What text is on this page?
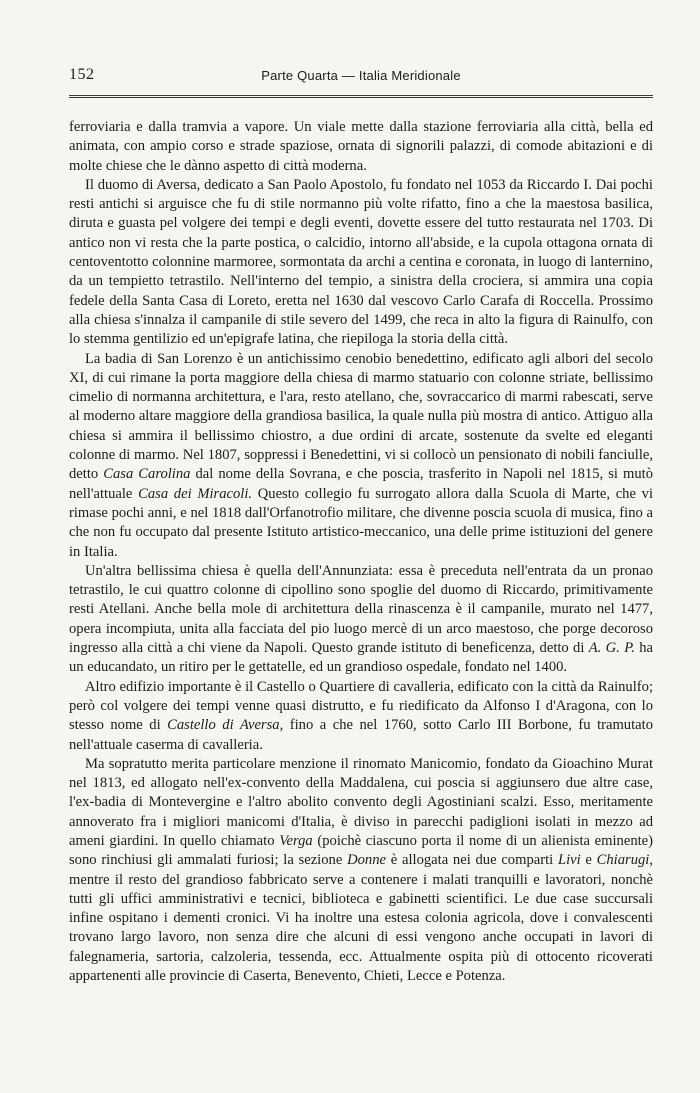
152	Parte Quarta — Italia Meridionale

ferroviaria e dalla tramvia a vapore. Un viale mette dalla stazione ferroviaria alla città, bella ed animata, con ampio corso e strade spaziose, ornata di signorili palazzi, di comode abitazioni e di molte chiese che le dànno aspetto di città moderna.

Il duomo di Aversa, dedicato a San Paolo Apostolo, fu fondato nel 1053 da Riccardo I. Dai pochi resti antichi si arguisce che fu di stile normanno più volte rifatto, fino a che la maestosa basilica, diruta e guasta pel volgere dei tempi e degli eventi, dovette essere del tutto restaurata nel 1703. Di antico non vi resta che la parte postica, o calcidio, intorno all'abside, e la cupola ottagona ornata di centoventotto colonnine marmoree, sormontata da archi a centina e coronata, in luogo di lanternino, da un tempietto tetrastilo. Nell'interno del tempio, a sinistra della crociera, si ammira una copia fedele della Santa Casa di Loreto, eretta nel 1630 dal vescovo Carlo Carafa di Roccella. Prossimo alla chiesa s'innalza il campanile di stile severo del 1499, che reca in alto la figura di Rainulfo, con lo stemma gentilizio ed un'epigrafe latina, che riepiloga la storia della città.

La badia di San Lorenzo è un antichissimo cenobio benedettino, edificato agli albori del secolo XI, di cui rimane la porta maggiore della chiesa di marmo statuario con colonne striate, bellissimo cimelio di normanna architettura, e l'ara, resto atellano, che, sovraccarico di marmi rabescati, serve al moderno altare maggiore della grandiosa basilica, la quale nulla più mostra di antico. Attiguo alla chiesa si ammira il bellissimo chiostro, a due ordini di arcate, sostenute da svelte ed eleganti colonne di marmo. Nel 1807, soppressi i Benedettini, vi si collocò un pensionato di nobili fanciulle, detto Casa Carolina dal nome della Sovrana, e che poscia, trasferito in Napoli nel 1815, si mutò nell'attuale Casa dei Miracoli. Questo collegio fu surrogato allora dalla Scuola di Marte, che vi rimase pochi anni, e nel 1818 dall'Orfanotrofio militare, che divenne poscia scuola di musica, fino a che non fu occupato dal presente Istituto artistico-meccanico, una delle prime istituzioni del genere in Italia.

Un'altra bellissima chiesa è quella dell'Annunziata: essa è preceduta nell'entrata da un pronao tetrastilo, le cui quattro colonne di cipollino sono spoglie del duomo di Riccardo, primitivamente resti Atellani. Anche bella mole di architettura della rinascenza è il campanile, murato nel 1477, opera incompiuta, unita alla facciata del pio luogo mercè di un arco maestoso, che porge decoroso ingresso alla città a chi viene da Napoli. Questo grande istituto di beneficenza, detto di A. G. P. ha un educandato, un ritiro per le gettatelle, ed un grandioso ospedale, fondato nel 1400.

Altro edifizio importante è il Castello o Quartiere di cavalleria, edificato con la città da Rainulfo; però col volgere dei tempi venne quasi distrutto, e fu riedificato da Alfonso I d'Aragona, con lo stesso nome di Castello di Aversa, fino a che nel 1760, sotto Carlo III Borbone, fu tramutato nell'attuale caserma di cavalleria.

Ma sopratutto merita particolare menzione il rinomato Manicomio, fondato da Gioachino Murat nel 1813, ed allogato nell'ex-convento della Maddalena, cui poscia si aggiunsero due altre case, l'ex-badia di Montevergine e l'altro abolito convento degli Agostiniani scalzi. Esso, meritamente annoverato fra i migliori manicomi d'Italia, è diviso in parecchi padiglioni isolati in mezzo ad ameni giardini. In quello chiamato Verga (poichè ciascuno porta il nome di un alienista eminente) sono rinchiusi gli ammalati furiosi; la sezione Donne è allogata nei due comparti Livi e Chiarugi, mentre il resto del grandioso fabbricato serve a contenere i malati tranquilli e lavoratori, nonchè tutti gli uffici amministrativi e tecnici, biblioteca e gabinetti scientifici. Le due case succursali infine ospitano i dementi cronici. Vi ha inoltre una estesa colonia agricola, dove i convalescenti trovano largo lavoro, non senza dire che alcuni di essi vengono anche occupati in lavori di falegnameria, sartoria, calzoleria, tessenda, ecc. Attualmente ospita più di ottocento ricoverati appartenenti alle provincie di Caserta, Benevento, Chieti, Lecce e Potenza.
